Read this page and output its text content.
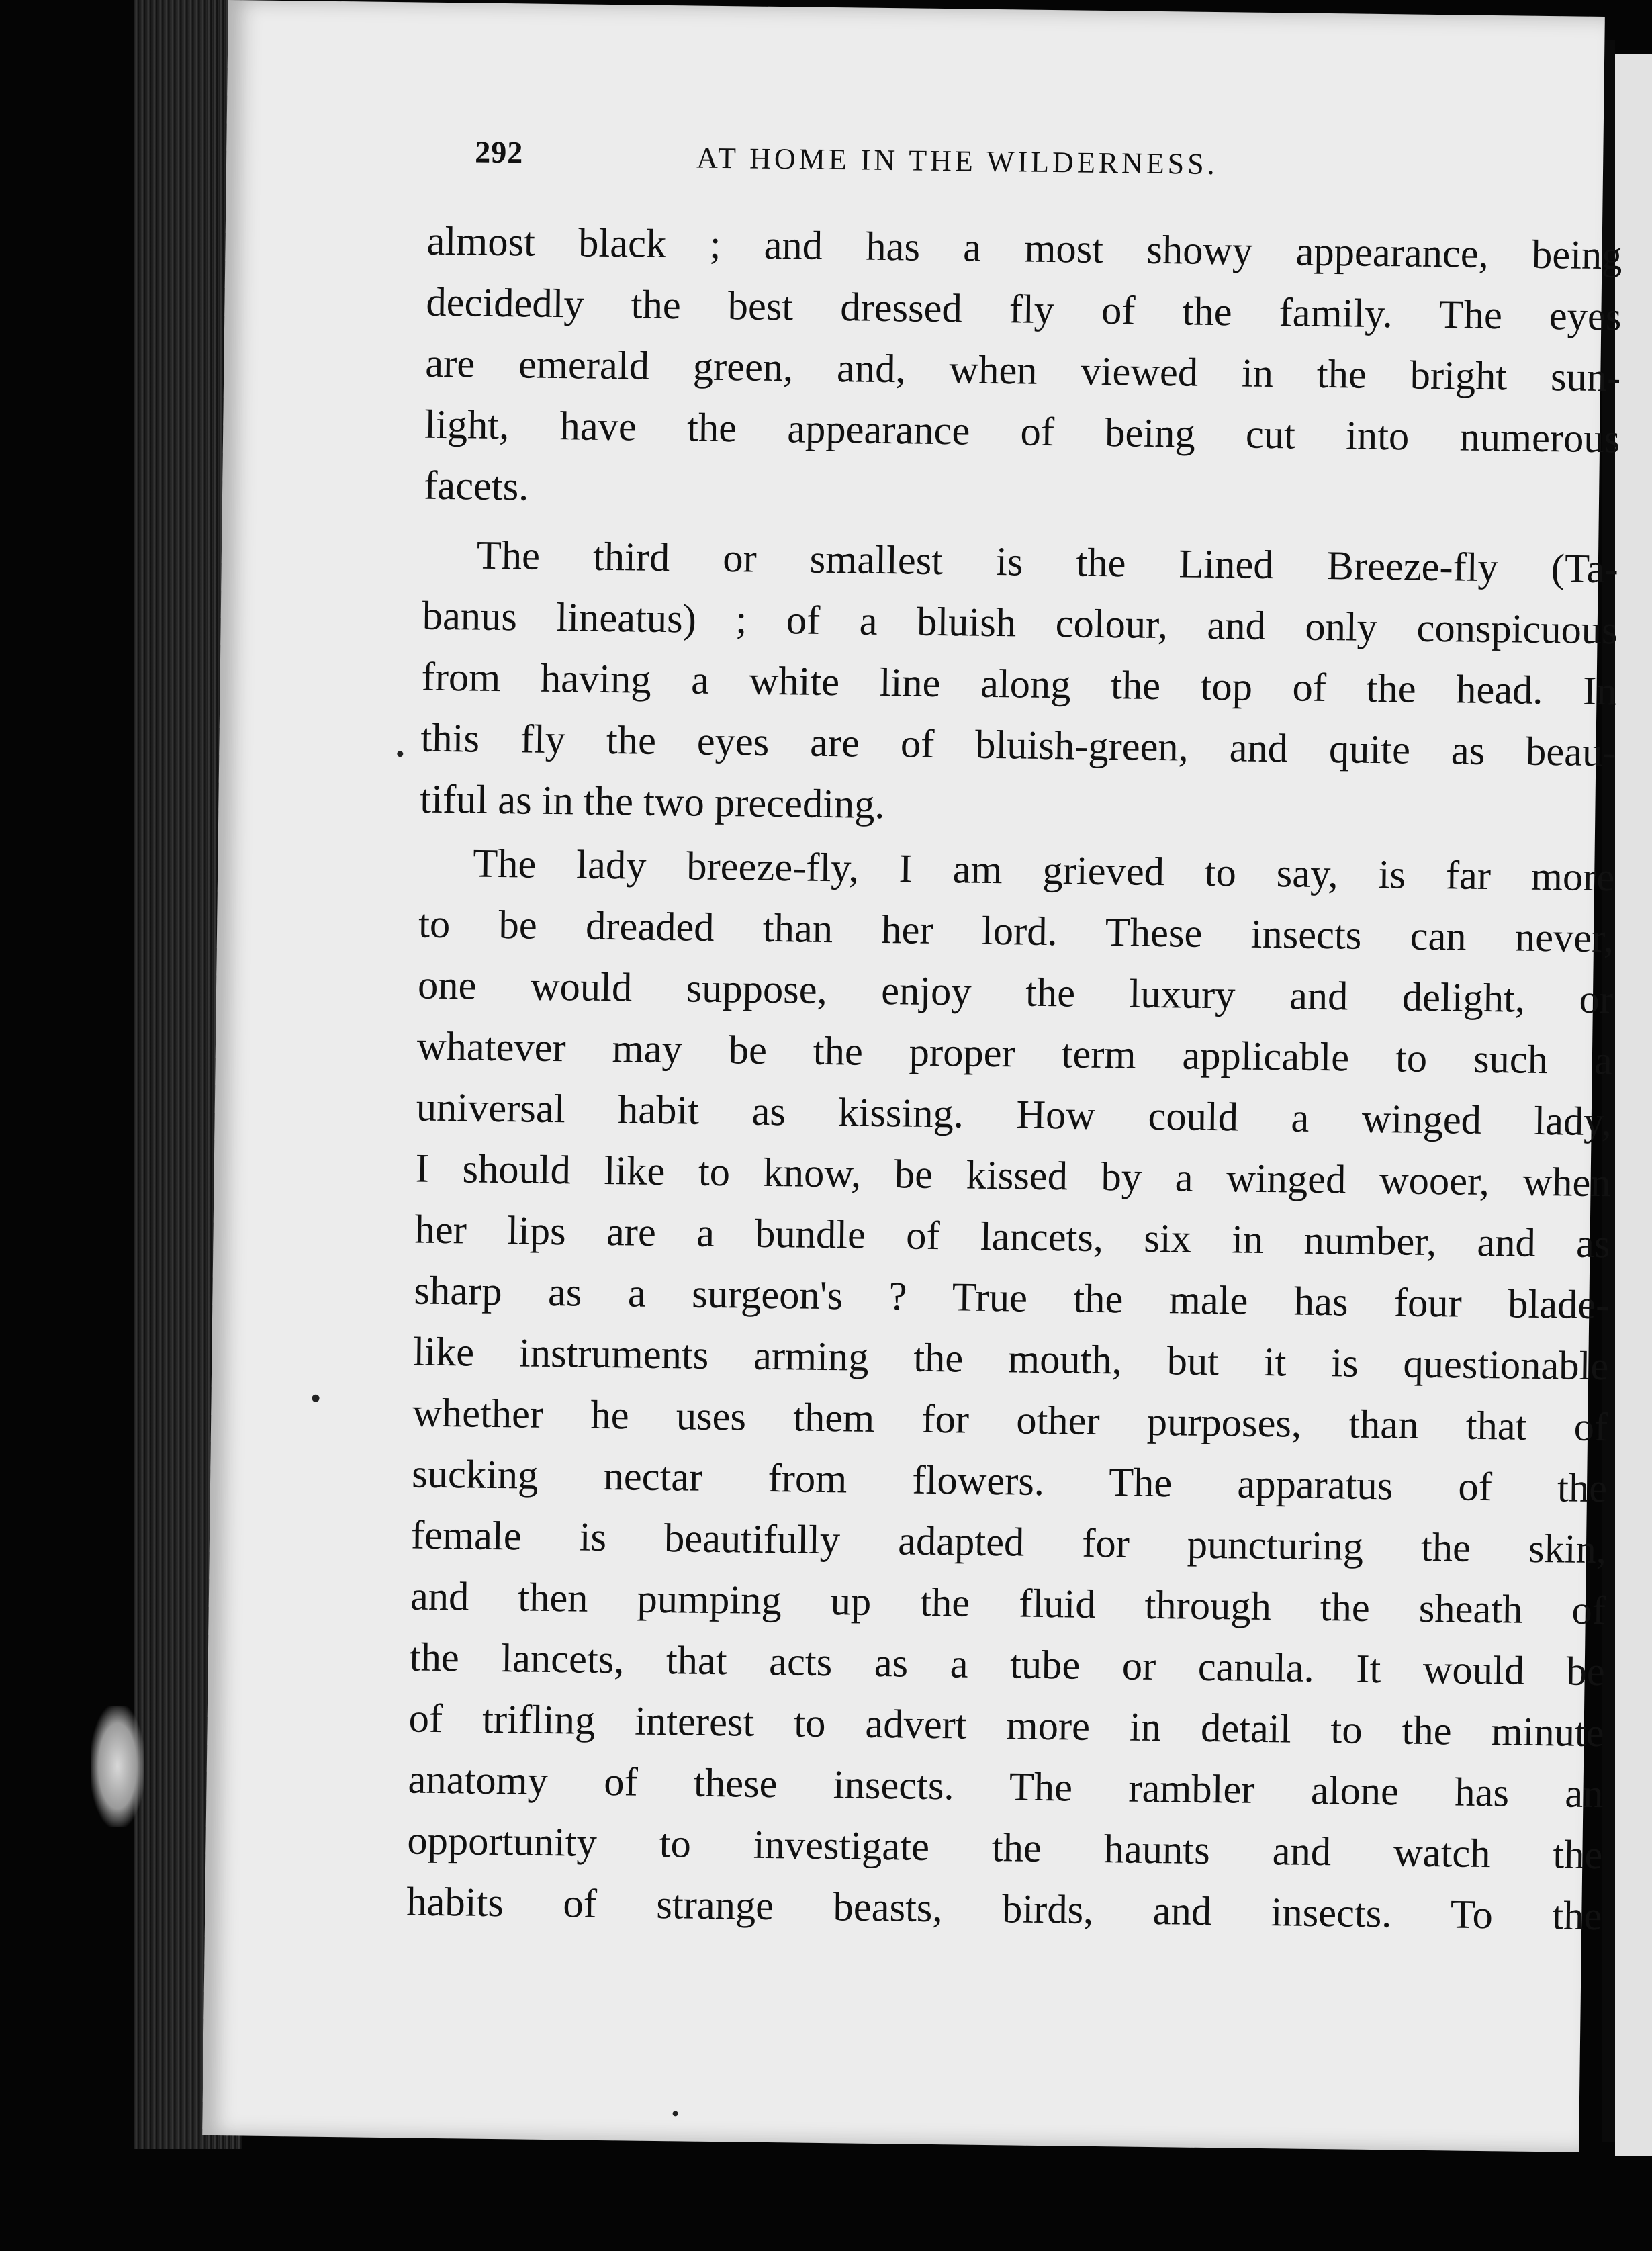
292	AT HOME IN THE WILDERNESS.

almost black ; and has a most showy appearance, being

decidedly the best dressed fly of the family. The eyes

are emerald green, and, when viewed in the bright sun-

light, have the appearance of being cut into numerous

facets.

The third or smallest is the Lined Breeze-fly (Ta-

banus lineatus) ; of a bluish colour, and only conspicuous

from having a white line along the top of the head. In

this fly the eyes are of bluish-green, and quite as beau-

tiful as in the two preceding.

The lady breeze-fly, I am grieved to say, is far more

to be dreaded than her lord. These insects can never,

one would suppose, enjoy the luxury and delight, or

whatever may be the proper term applicable to such a

universal habit as kissing. How could a winged lady,

I should like to know, be kissed by a winged wooer, when

her lips are a bundle of lancets, six in number, and as

sharp as a surgeon's ? True the male has four blade-

like instruments arming the mouth, but it is questionable

whether he uses them for other purposes, than that of

sucking nectar from flowers. The apparatus of the

female is beautifully adapted for puncturing the skin,

and then pumping up the fluid through the sheath of

the lancets, that acts as a tube or canula. It would be

of trifling interest to advert more in detail to the minute

anatomy of these insects. The rambler alone has an

opportunity to investigate the haunts and watch the

habits of strange beasts, birds, and insects. To the
